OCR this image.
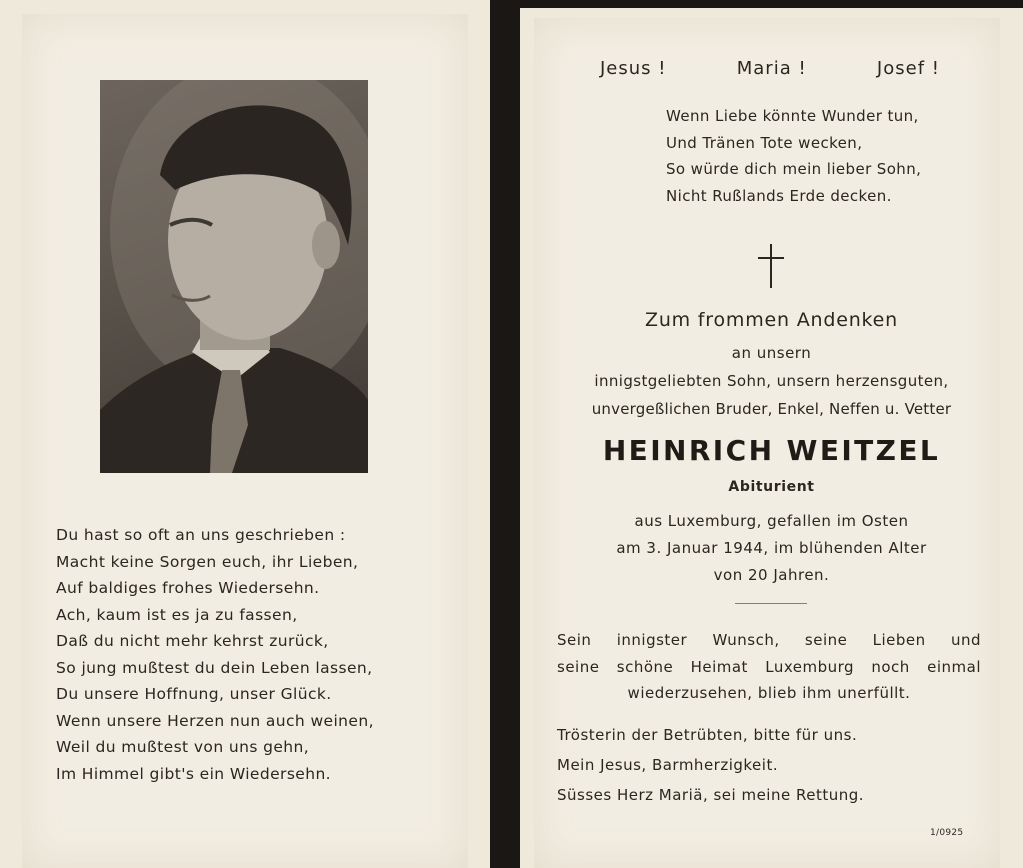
Du hast so oft an uns geschrieben :
Macht keine Sorgen euch, ihr Lieben,
Auf baldiges frohes Wiedersehn.
Ach, kaum ist es ja zu fassen,
Daß du nicht mehr kehrst zurück,
So jung mußtest du dein Leben lassen,
Du unsere Hoffnung, unser Glück.
Wenn unsere Herzen nun auch weinen,
Weil du mußtest von uns gehn,
Im Himmel gibt's ein Wiedersehn.
Jesus !	Maria !	Josef !
Wenn Liebe könnte Wunder tun,
Und Tränen Tote wecken,
So würde dich mein lieber Sohn,
Nicht Rußlands Erde decken.
Zum frommen Andenken
an unsern
innigstgeliebten Sohn, unsern herzensguten,
unvergeßlichen Bruder, Enkel, Neffen u. Vetter
HEINRICH WEITZEL
Abiturient
aus Luxemburg, gefallen im Osten
am 3. Januar 1944, im blühenden Alter
von 20 Jahren.
Sein innigster Wunsch, seine Lieben und
seine schöne Heimat Luxemburg noch einmal
wiederzusehen, blieb ihm unerfüllt.
Trösterin der Betrübten, bitte für uns.
Mein Jesus, Barmherzigkeit.
Süsses Herz Mariä, sei meine Rettung.
1/0925
